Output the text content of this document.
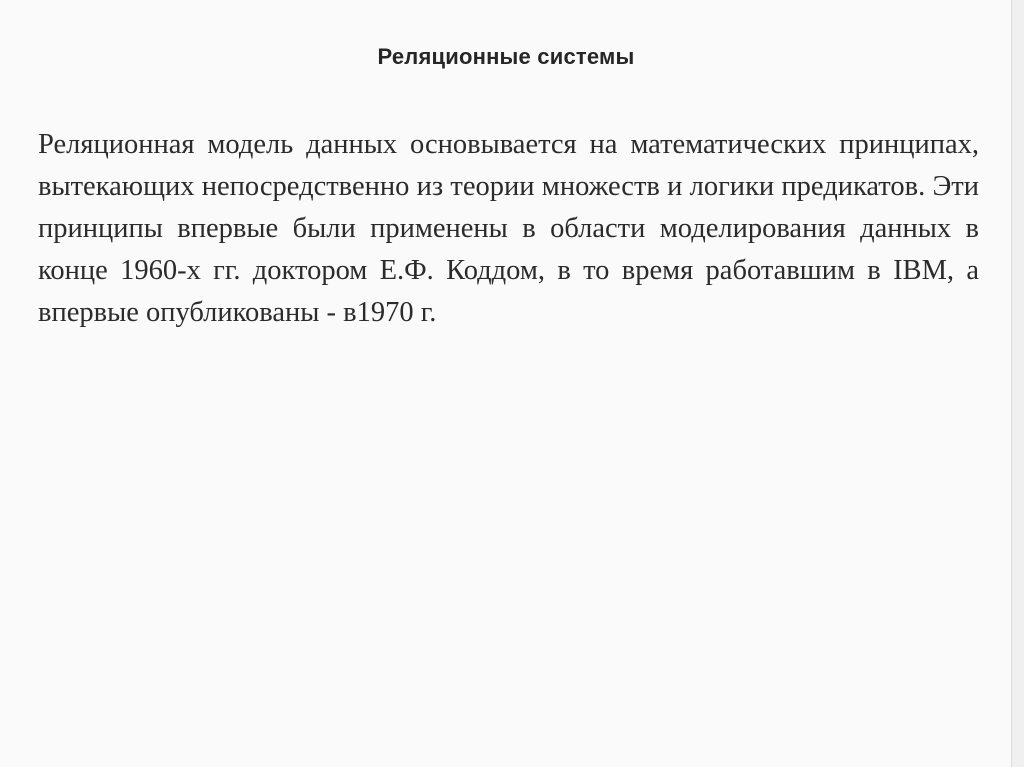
Реляционные системы
Реляционная модель данных основывается на математических принципах, вытекающих непосредственно из теории множеств и логики предикатов. Эти принципы впервые были применены в области моделирования данных в конце 1960-х гг. доктором Е.Ф. Коддом, в то время работавшим в IBM, а впервые опубликованы - в1970 г.
